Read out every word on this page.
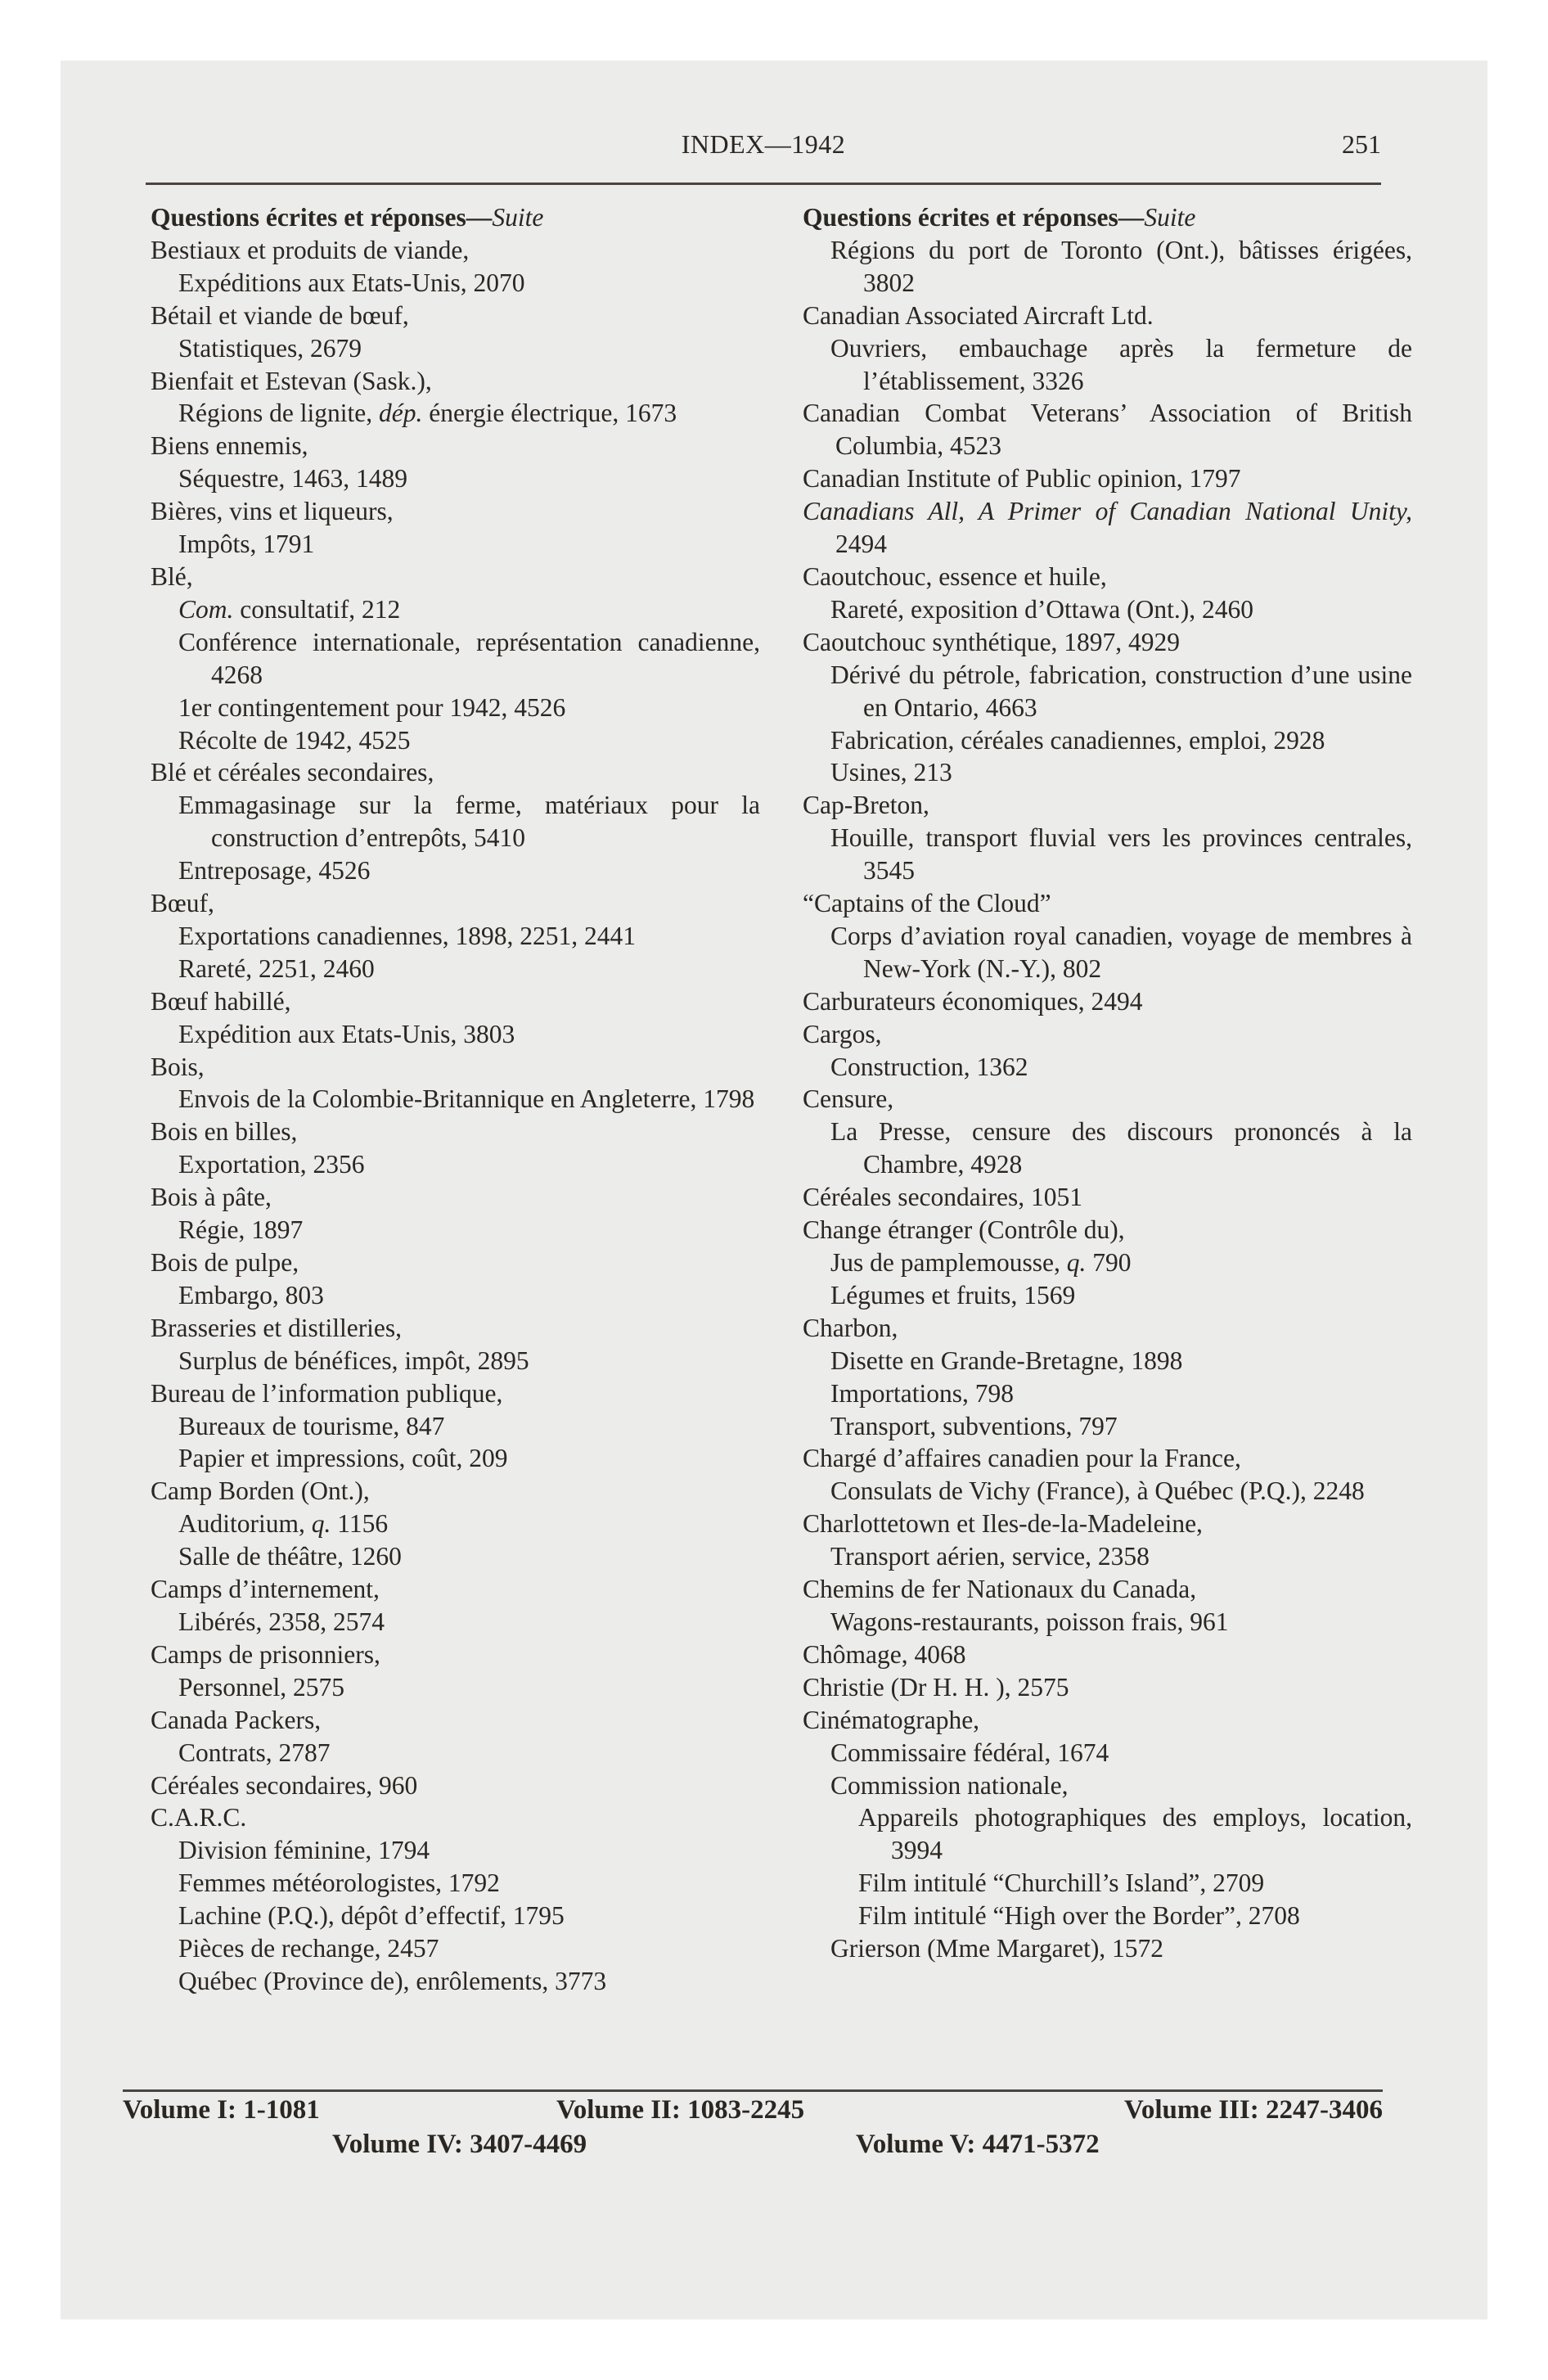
INDEX—1942	251
Questions écrites et réponses—Suite
Bestiaux et produits de viande,
Expéditions aux Etats-Unis, 2070
Bétail et viande de bœuf,
Statistiques, 2679
Bienfait et Estevan (Sask.),
Régions de lignite, dép. énergie électrique, 1673
Biens ennemis,
Séquestre, 1463, 1489
Bières, vins et liqueurs,
Impôts, 1791
Blé,
Com. consultatif, 212
Conférence internationale, représentation canadienne, 4268
1er contingentement pour 1942, 4526
Récolte de 1942, 4525
Blé et céréales secondaires,
Emmagasinage sur la ferme, matériaux pour la construction d’entrepôts, 5410
Entreposage, 4526
Bœuf,
Exportations canadiennes, 1898, 2251, 2441
Rareté, 2251, 2460
Bœuf habillé,
Expédition aux Etats-Unis, 3803
Bois,
Envois de la Colombie-Britannique en Angleterre, 1798
Bois en billes,
Exportation, 2356
Bois à pâte,
Régie, 1897
Bois de pulpe,
Embargo, 803
Brasseries et distilleries,
Surplus de bénéfices, impôt, 2895
Bureau de l’information publique,
Bureaux de tourisme, 847
Papier et impressions, coût, 209
Camp Borden (Ont.),
Auditorium, q. 1156
Salle de théâtre, 1260
Camps d’internement,
Libérés, 2358, 2574
Camps de prisonniers,
Personnel, 2575
Canada Packers,
Contrats, 2787
Céréales secondaires, 960
C.A.R.C.
Division féminine, 1794
Femmes météorologistes, 1792
Lachine (P.Q.), dépôt d’effectif, 1795
Pièces de rechange, 2457
Québec (Province de), enrôlements, 3773
Questions écrites et réponses—Suite
Régions du port de Toronto (Ont.), bâtisses érigées, 3802
Canadian Associated Aircraft Ltd.
Ouvriers, embauchage après la fermeture de l’établissement, 3326
Canadian Combat Veterans’ Association of British Columbia, 4523
Canadian Institute of Public opinion, 1797
Canadians All, A Primer of Canadian National Unity, 2494
Caoutchouc, essence et huile,
Rareté, exposition d’Ottawa (Ont.), 2460
Caoutchouc synthétique, 1897, 4929
Dérivé du pétrole, fabrication, construction d’une usine en Ontario, 4663
Fabrication, céréales canadiennes, emploi, 2928
Usines, 213
Cap-Breton,
Houille, transport fluvial vers les provinces centrales, 3545
“Captains of the Cloud”
Corps d’aviation royal canadien, voyage de membres à New-York (N.-Y.), 802
Carburateurs économiques, 2494
Cargos,
Construction, 1362
Censure,
La Presse, censure des discours prononcés à la Chambre, 4928
Céréales secondaires, 1051
Change étranger (Contrôle du),
Jus de pamplemousse, q. 790
Légumes et fruits, 1569
Charbon,
Disette en Grande-Bretagne, 1898
Importations, 798
Transport, subventions, 797
Chargé d’affaires canadien pour la France,
Consulats de Vichy (France), à Québec (P.Q.), 2248
Charlottetown et Iles-de-la-Madeleine,
Transport aérien, service, 2358
Chemins de fer Nationaux du Canada,
Wagons-restaurants, poisson frais, 961
Chômage, 4068
Christie (Dr H. H. ), 2575
Cinématographe,
Commissaire fédéral, 1674
Commission nationale,
Appareils photographiques des employs, location, 3994
Film intitulé “Churchill’s Island”, 2709
Film intitulé “High over the Border”, 2708
Grierson (Mme Margaret), 1572
Volume I: 1-1081	Volume II: 1083-2245	Volume III: 2247-3406
Volume IV: 3407-4469	Volume V: 4471-5372
